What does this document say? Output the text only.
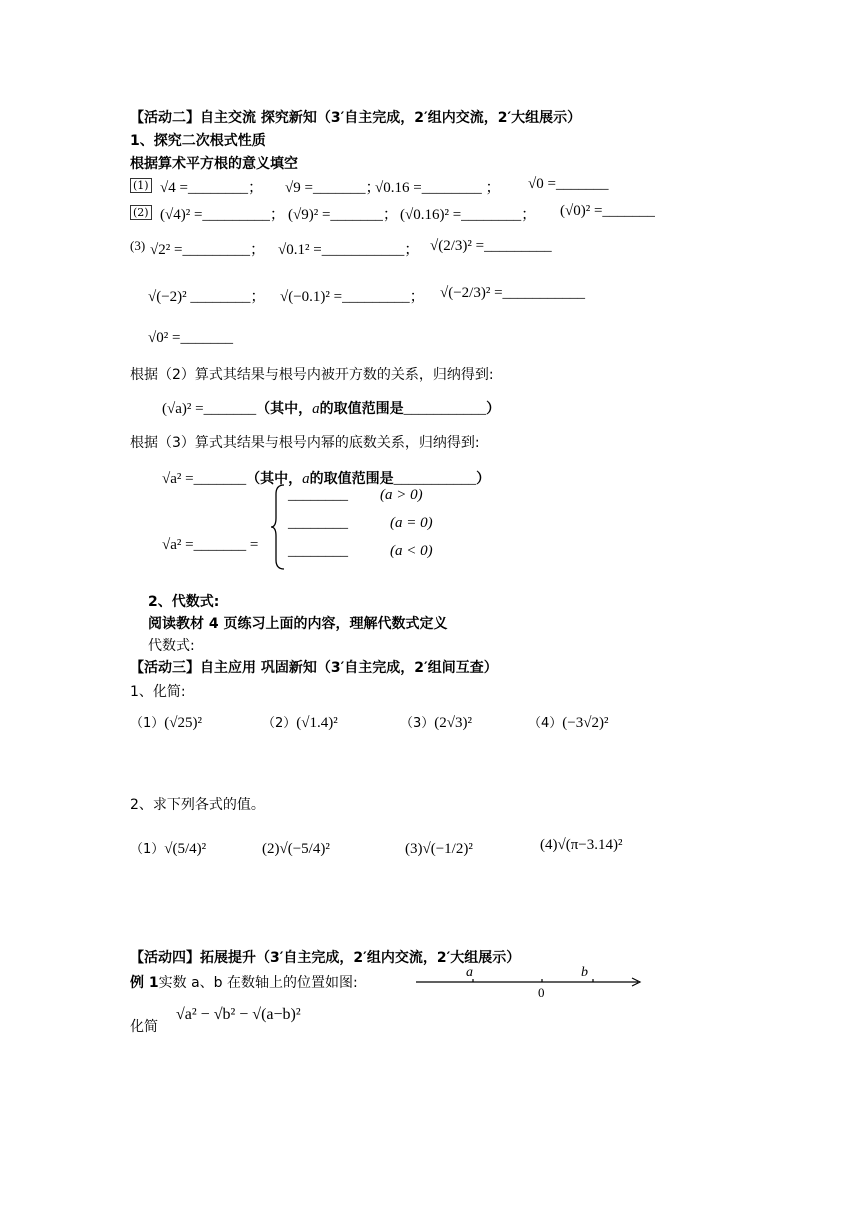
【活动二】自主交流 探究新知（3′自主完成，2′组内交流，2′大组展示）
1、探究二次根式性质
根据算术平方根的意义填空
(1) √4 =________； √9 =_______；
√0.16 =________ ； √0 =_______
(2) (√4)² =_________； (√9)² =_______； (√0.16)² =________； (√0)² =_______
(3) √2² =_________； √0.1² =___________； √(2/3)² =_________
√(−2)² ________； √(−0.1)² =_________； √(−2/3)² =___________
√0² =_______
根据（2）算式其结果与根号内被开方数的关系，归纳得到:
(√a)² =_______（其中，a的取值范围是___________）
根据（3）算式其结果与根号内幂的底数关系，归纳得到:
√a² =_______（其中，a的取值范围是___________）
√a² =_______ =
________ (a > 0)
________	(a = 0)
________	(a < 0)
2、代数式:
阅读教材 4 页练习上面的内容，理解代数式定义
代数式:
【活动三】自主应用 巩固新知（3′自主完成，2′组间互查）
1、化简:
（1）(√25)²	（2）(√1.4)²	（3）(2√3)²	（4）(−3√2)²
2、求下列各式的值。
（1）√(5/4)²	(2)√(−5/4)²	(3)√(−1/2)²	(4)√(π−3.14)²
【活动四】拓展提升（3′自主完成，2′组内交流，2′大组展示）
例 1实数 a、b 在数轴上的位置如图:
a	b
0
化简
√a² − √b² − √(a−b)²
